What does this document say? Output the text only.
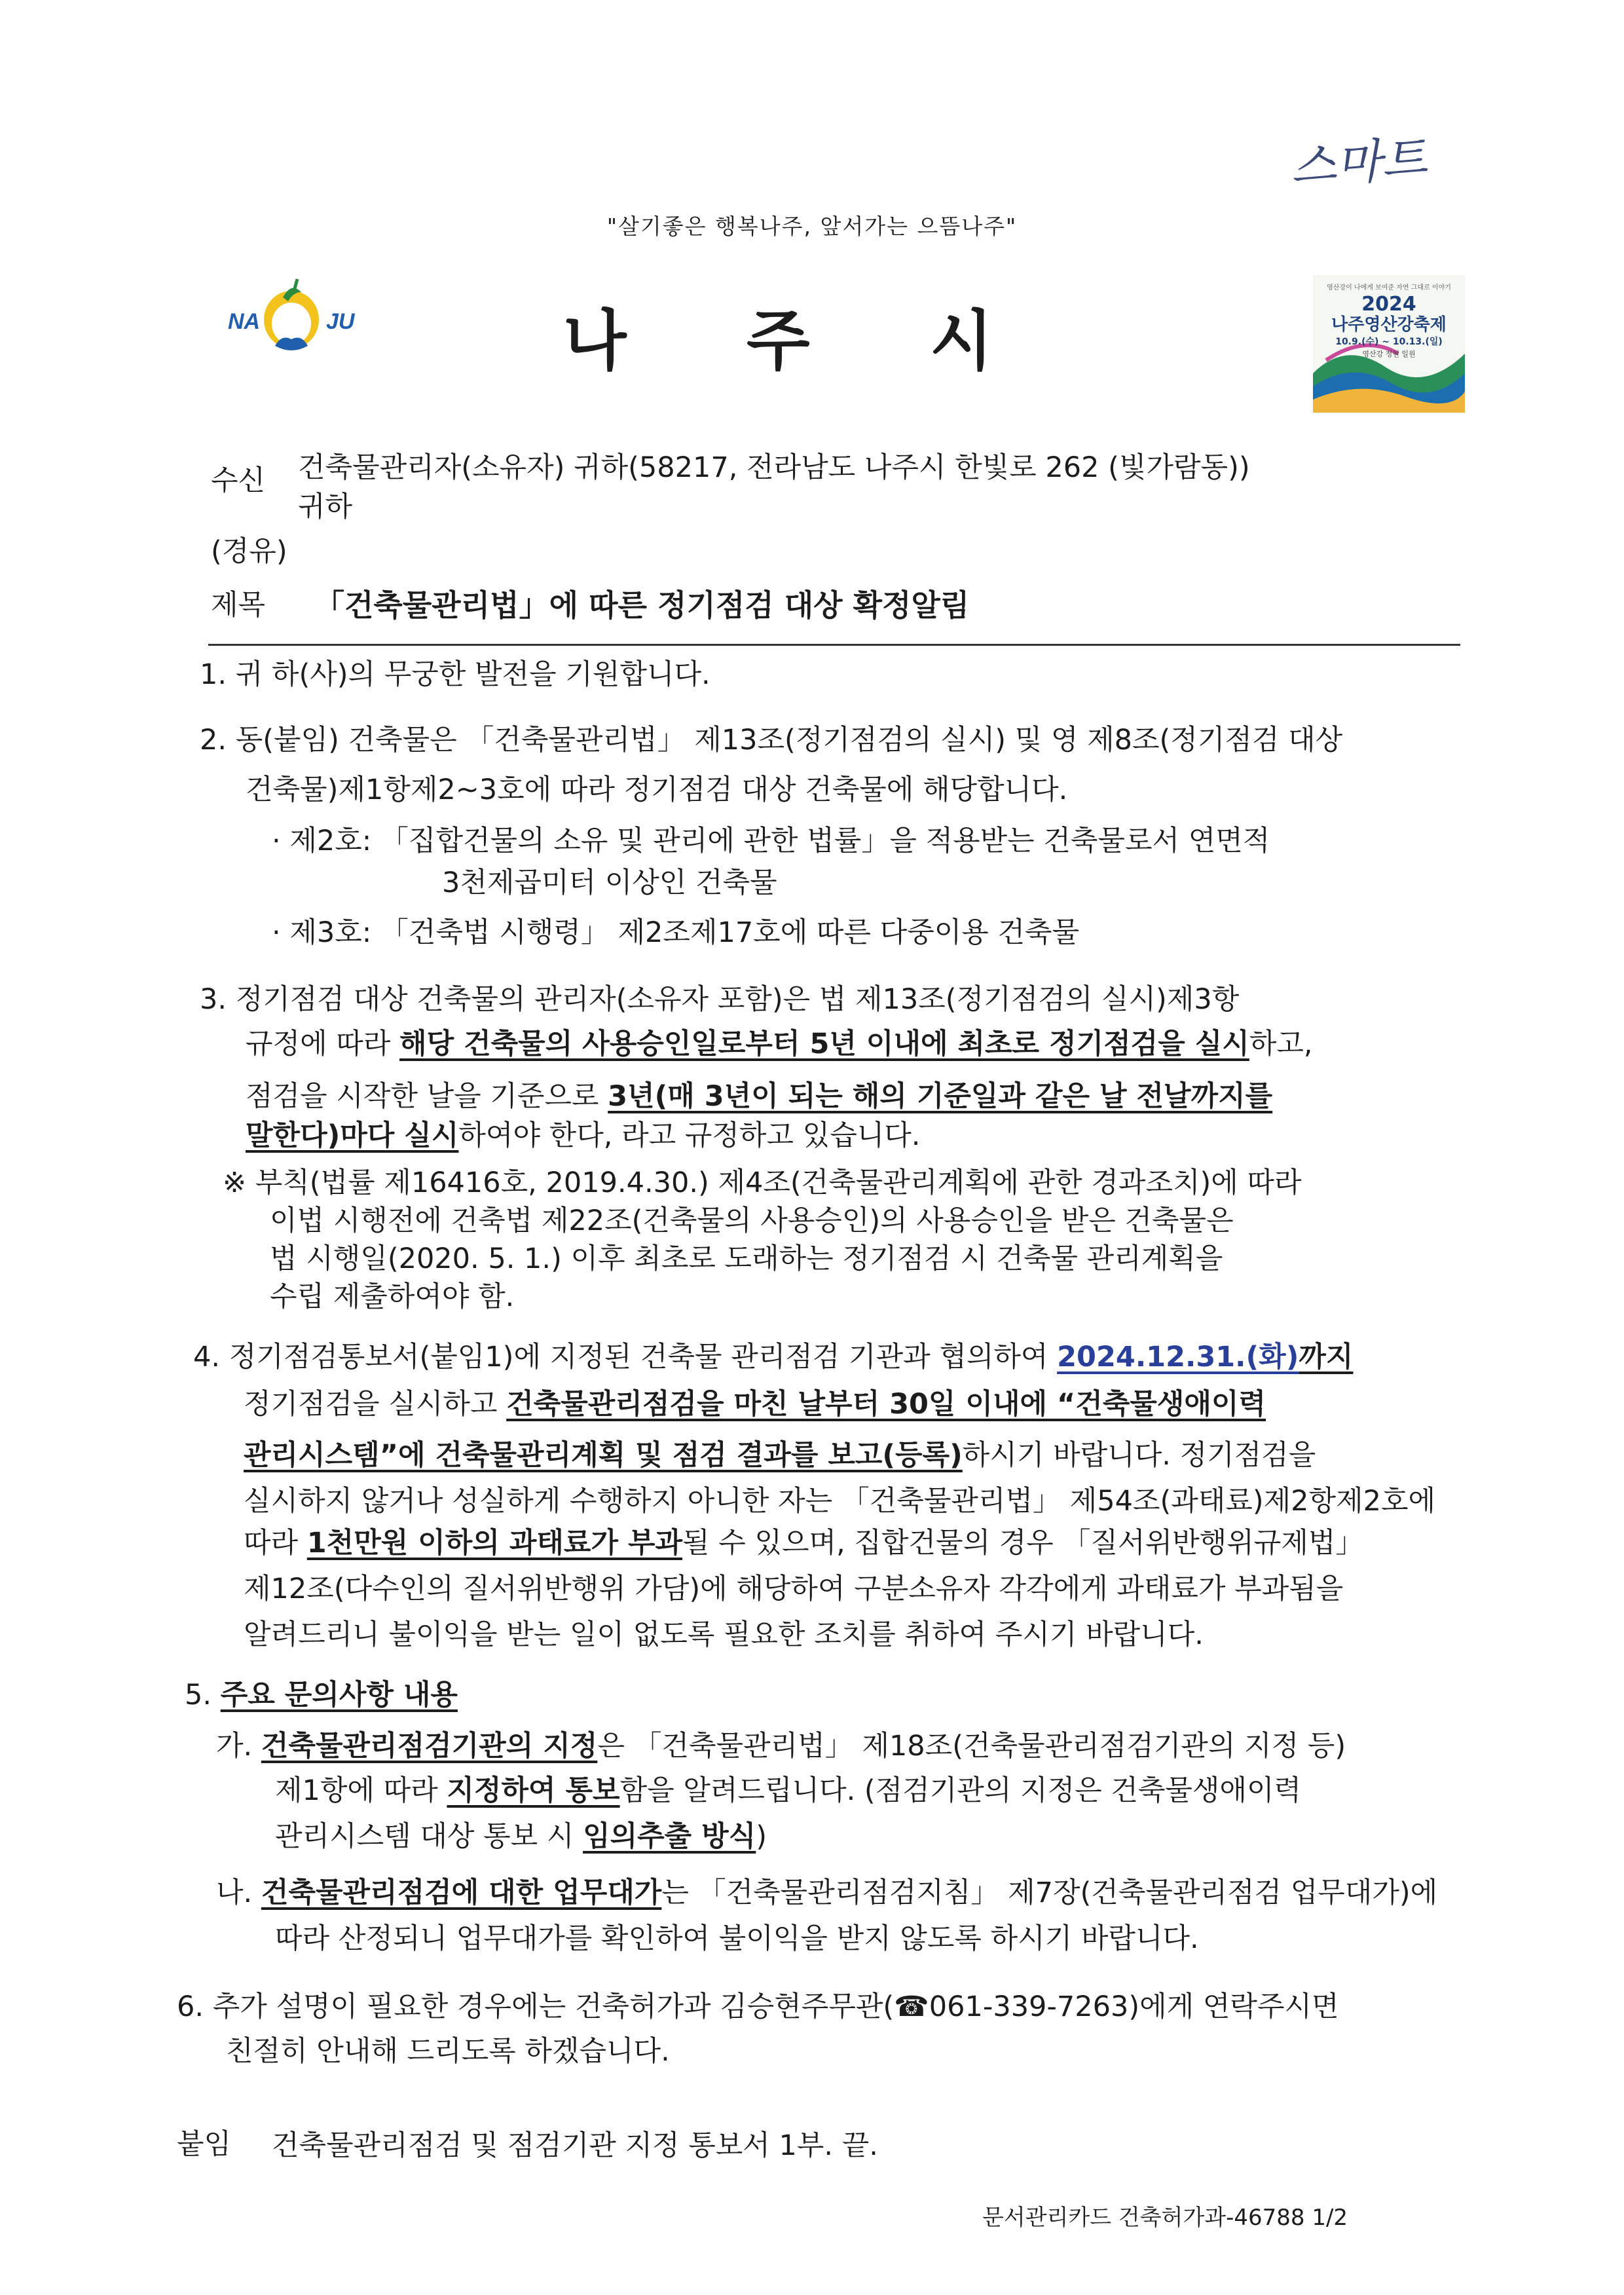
스마트
"살기좋은 행복나주, 앞서가는 으뜸나주"
NA	JU	나 주 시
영산강이 나에게 보여준 자연 그대로 이야기
2024
나주영산강축제
10.9.(수) ~ 10.13.(일)
영산강 정원 일원
수신 건축물관리자(소유자) 귀하(58217, 전라남도 나주시 한빛로 262 (빛가람동))
귀하
(경유)
제목 「건축물관리법」에 따른 정기점검 대상 확정알림
1. 귀 하(사)의 무궁한 발전을 기원합니다.
2. 동(붙임) 건축물은 「건축물관리법」 제13조(정기점검의 실시) 및 영 제8조(정기점검 대상
건축물)제1항제2~3호에 따라 정기점검 대상 건축물에 해당합니다.
· 제2호: 「집합건물의 소유 및 관리에 관한 법률」을 적용받는 건축물로서 연면적
3천제곱미터 이상인 건축물
· 제3호: 「건축법 시행령」 제2조제17호에 따른 다중이용 건축물
3. 정기점검 대상 건축물의 관리자(소유자 포함)은 법 제13조(정기점검의 실시)제3항
규정에 따라 해당 건축물의 사용승인일로부터 5년 이내에 최초로 정기점검을 실시하고,
점검을 시작한 날을 기준으로 3년(매 3년이 되는 해의 기준일과 같은 날 전날까지를
말한다)마다 실시하여야 한다, 라고 규정하고 있습니다.
※ 부칙(법률 제16416호, 2019.4.30.) 제4조(건축물관리계획에 관한 경과조치)에 따라
이법 시행전에 건축법 제22조(건축물의 사용승인)의 사용승인을 받은 건축물은
법 시행일(2020. 5. 1.) 이후 최초로 도래하는 정기점검 시 건축물 관리계획을
수립 제출하여야 함.
4. 정기점검통보서(붙임1)에 지정된 건축물 관리점검 기관과 협의하여 2024.12.31.(화)까지
정기점검을 실시하고 건축물관리점검을 마친 날부터 30일 이내에 “건축물생애이력
관리시스템”에 건축물관리계획 및 점검 결과를 보고(등록)하시기 바랍니다. 정기점검을
실시하지 않거나 성실하게 수행하지 아니한 자는 「건축물관리법」 제54조(과태료)제2항제2호에
따라 1천만원 이하의 과태료가 부과될 수 있으며, 집합건물의 경우 「질서위반행위규제법」
제12조(다수인의 질서위반행위 가담)에 해당하여 구분소유자 각각에게 과태료가 부과됨을
알려드리니 불이익을 받는 일이 없도록 필요한 조치를 취하여 주시기 바랍니다.
5. 주요 문의사항 내용
가. 건축물관리점검기관의 지정은 「건축물관리법」 제18조(건축물관리점검기관의 지정 등)
제1항에 따라 지정하여 통보함을 알려드립니다. (점검기관의 지정은 건축물생애이력
관리시스템 대상 통보 시 임의추출 방식)
나. 건축물관리점검에 대한 업무대가는 「건축물관리점검지침」 제7장(건축물관리점검 업무대가)에
따라 산정되니 업무대가를 확인하여 불이익을 받지 않도록 하시기 바랍니다.
6. 추가 설명이 필요한 경우에는 건축허가과 김승현주무관(☎061-339-7263)에게 연락주시면
친절히 안내해 드리도록 하겠습니다.
붙임 건축물관리점검 및 점검기관 지정 통보서 1부. 끝.
문서관리카드 건축허가과-46788 1/2
